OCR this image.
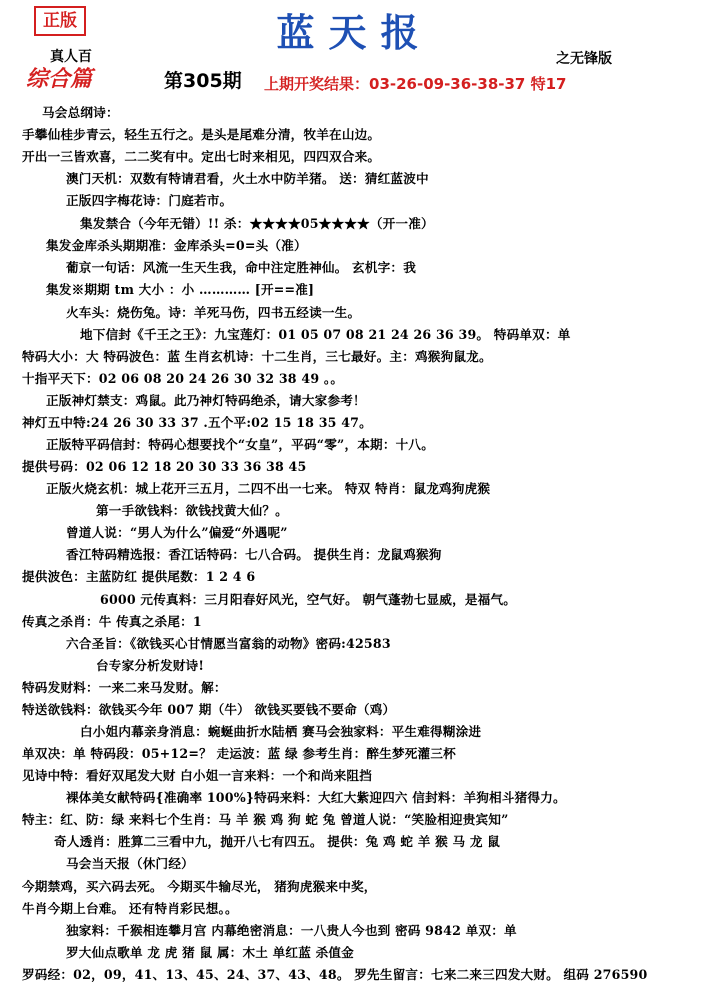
正版	蓝天报
真人百
综合篇
之无锋版
第305期 上期开奖结果：03-26-09-36-38-37 特17
马会总纲诗：
手攀仙桂步青云，轻生五行之。是头是尾难分清，牧羊在山边。
开出一三皆欢喜，二二奖有中。定出七时来相见，四四双合来。
澳门天机：双数有特请君看，火土水中防羊猪。 送：猜红蓝波中
正版四字梅花诗：门庭若市。
集发禁合（今年无错）!! 杀：★★★★05★★★★（开一准）
集发金库杀头期期准：金库杀头=0=头（准）
葡京一句话：风流一生天生我，命中注定胜神仙。 玄机字：我
集发※期期 tm 大小 ：小 ………… [开==准]
火车头：烧伤兔。诗：羊死马伤，四书五经读一生。
地下信封《千王之王》：九宝莲灯：01 05 07 08 21 24 26 36 39。 特码单双：单
特码大小：大 特码波色：蓝 生肖玄机诗：十二生肖，三七最好。主：鸡猴狗鼠龙。
十指平天下：02 06 08 20 24 26 30 32 38 49 。。
正版神灯禁支：鸡鼠。此乃神灯特码绝杀，请大家参考！
神灯五中特:24 26 30 33 37 .五个平:02 15 18 35 47。
正版特平码信封：特码心想要找个“女皇”，平码“零”，本期：十八。
提供号码：02 06 12 18 20 30 33 36 38 45
正版火烧玄机：城上花开三五月，二四不出一七来。 特双 特肖：鼠龙鸡狗虎猴
第一手欲钱料：欲钱找黄大仙？。
曾道人说：“男人为什么”偏爱“外遇呢”
香江特码精选报：香江话特码：七八合码。 提供生肖：龙鼠鸡猴狗
提供波色：主蓝防红 提供尾数：1 2 4 6
6000 元传真料：三月阳春好风光，空气好。 朝气蓬勃七显威，是福气。
传真之杀肖：牛 传真之杀尾：1
六合圣旨：《欲钱买心甘情愿当富翁的动物》密码:42583
台专家分析发财诗!
特码发财料：一来二来马发财。解：
特送欲钱料：欲钱买今年 007 期（牛） 欲钱买要钱不要命（鸡）
白小姐内幕亲身消息：蜿蜒曲折水陆栖 赛马会独家料：平生难得糊涂进
单双决：单 特码段：05+12=？ 走运波：蓝 绿 参考生肖：醉生梦死灌三杯
见诗中特：看好双尾发大财 白小姐一言来料：一个和尚来阻挡
裸体美女献特码{准确率 100%}特码来料：大红大紫迎四六 信封料：羊狗相斗猪得力。
特主：红、防：绿 来料七个生肖：马 羊 猴 鸡 狗 蛇 兔 曾道人说：“笑脸相迎贵宾知”
奇人透肖：胜算二三看中九，抛开八七有四五。 提供：兔 鸡 蛇 羊 猴 马 龙 鼠
马会当天报（休门经）
今期禁鸡，买六码去死。 今期买牛输尽光， 猪狗虎猴来中奖，
牛肖今期上台难。 还有特肖彩民想。。
独家料：千猴相连攀月宫 内幕绝密消息：一八贵人今也到 密码 9842 单双：单
罗大仙点歌单 龙 虎 猪 鼠 属：木土 单红蓝 杀值金
罗码经：02，09，41、13、45、24、37、43、48。 罗先生留言：七来二来三四发大财。 组码 276590
